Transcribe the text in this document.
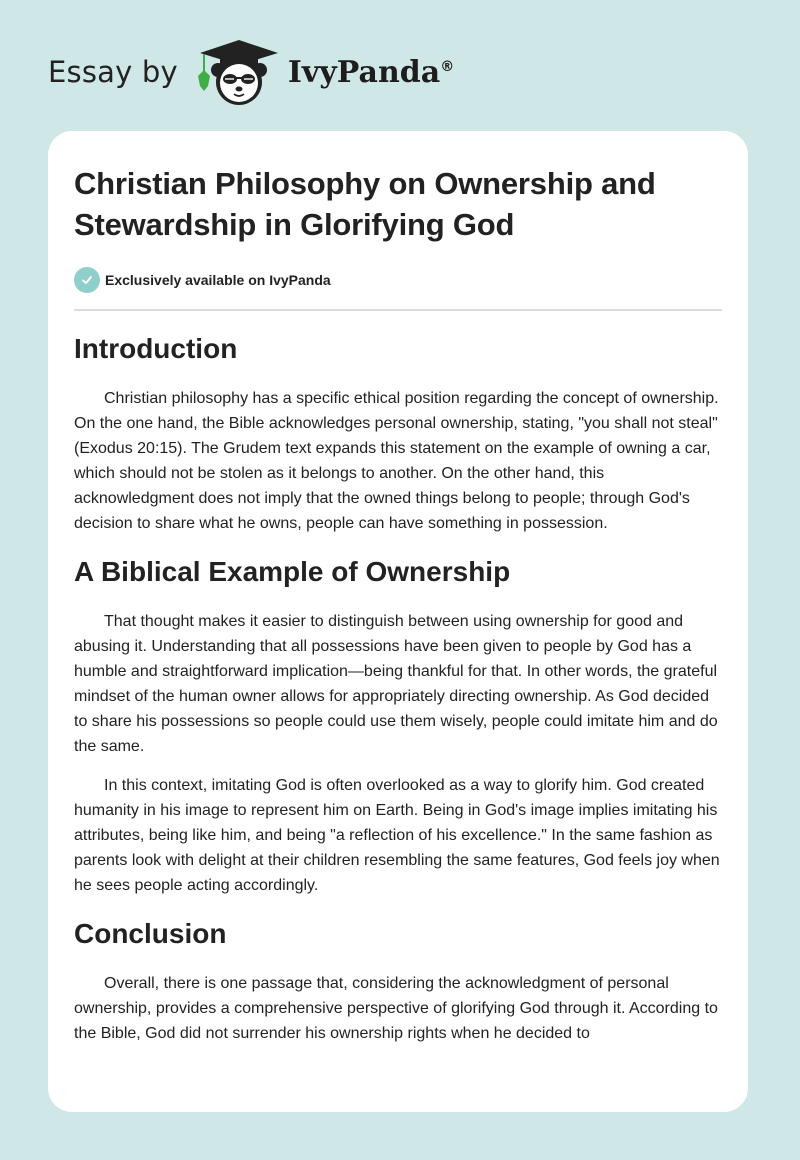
Essay by	IvyPanda®
Christian Philosophy on Ownership and Stewardship in Glorifying God
Exclusively available on IvyPanda
Introduction

Christian philosophy has a specific ethical position regarding the concept of ownership. On the one hand, the Bible acknowledges personal ownership, stating, "you shall not steal" (Exodus 20:15). The Grudem text expands this statement on the example of owning a car, which should not be stolen as it belongs to another. On the other hand, this acknowledgment does not imply that the owned things belong to people; through God's decision to share what he owns, people can have something in possession.

A Biblical Example of Ownership

That thought makes it easier to distinguish between using ownership for good and abusing it. Understanding that all possessions have been given to people by God has a humble and straightforward implication—being thankful for that. In other words, the grateful mindset of the human owner allows for appropriately directing ownership. As God decided to share his possessions so people could use them wisely, people could imitate him and do the same.

In this context, imitating God is often overlooked as a way to glorify him. God created humanity in his image to represent him on Earth. Being in God's image implies imitating his attributes, being like him, and being "a reflection of his excellence." In the same fashion as parents look with delight at their children resembling the same features, God feels joy when he sees people acting accordingly.

Conclusion

Overall, there is one passage that, considering the acknowledgment of personal ownership, provides a comprehensive perspective of glorifying God through it. According to the Bible, God did not surrender his ownership rights when he decided to
